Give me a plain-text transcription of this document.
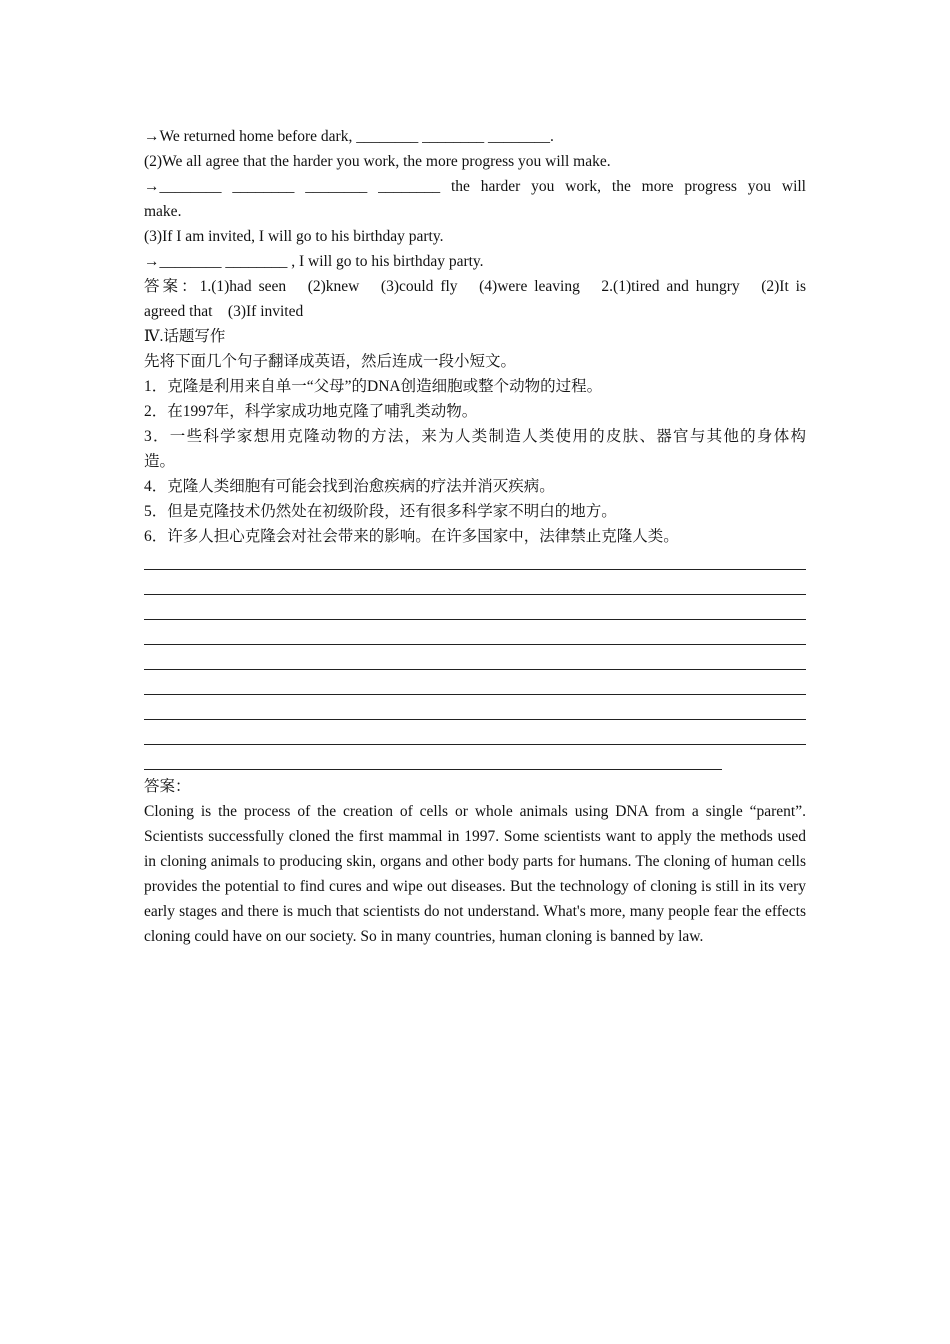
→We returned home before dark, ________ ________ ________.
(2)We all agree that the harder you work, the more progress you will make.
→________ ________ ________ ________ the harder you work, the more progress you will
make.
(3)If I am invited, I will go to his birthday party.
→________ ________ , I will go to his birthday party.
答案：1.(1)had seen　(2)knew　(3)could fly　(4)were leaving　2.(1)tired and hungry　(2)It is
agreed that　(3)If invited
Ⅳ.话题写作
先将下面几个句子翻译成英语，然后连成一段小短文。
1．克隆是利用来自单一“父母”的DNA创造细胞或整个动物的过程。
2．在1997年，科学家成功地克隆了哺乳类动物。
3．一些科学家想用克隆动物的方法，来为人类制造人类使用的皮肤、器官与其他的身体构
造。
4．克隆人类细胞有可能会找到治愈疾病的疗法并消灭疾病。
5．但是克隆技术仍然处在初级阶段，还有很多科学家不明白的地方。
6．许多人担心克隆会对社会带来的影响。在许多国家中，法律禁止克隆人类。
答案：
Cloning is the process of the creation of cells or whole animals using DNA from a single “parent”. Scientists successfully cloned the first mammal in 1997. Some scientists want to apply the methods used in cloning animals to producing skin, organs and other body parts for humans. The cloning of human cells provides the potential to find cures and wipe out diseases. But the technology of cloning is still in its very early stages and there is much that scientists do not understand. What's more, many people fear the effects cloning could have on our society. So in many countries, human cloning is banned by law.
